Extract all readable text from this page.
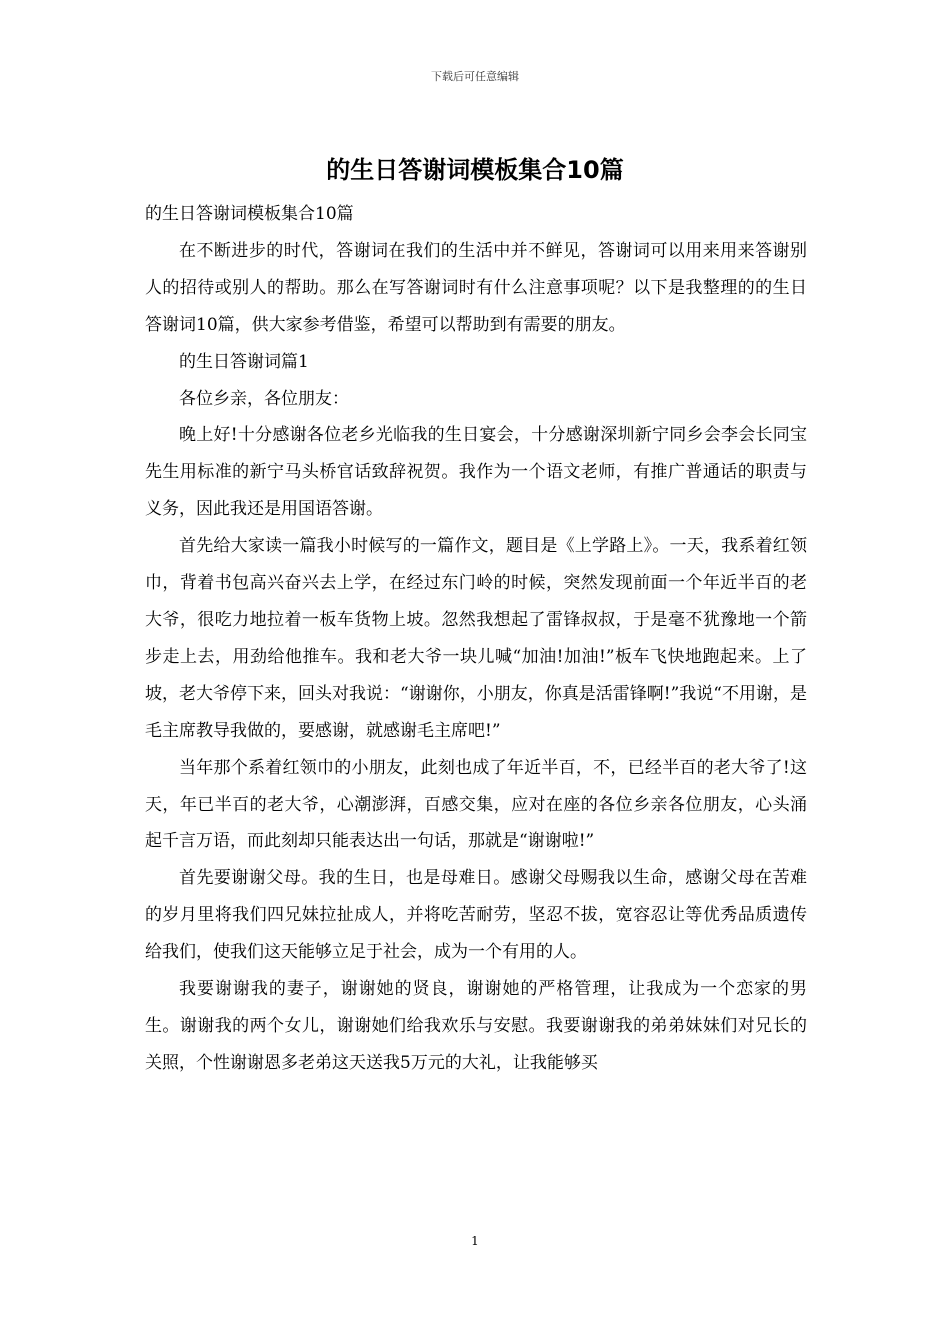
下载后可任意编辑
的生日答谢词模板集合10篇

的生日答谢词模板集合10篇

在不断进步的时代，答谢词在我们的生活中并不鲜见，答谢词可以用来用来答谢别人的招待或别人的帮助。那么在写答谢词时有什么注意事项呢？以下是我整理的的生日答谢词10篇，供大家参考借鉴，希望可以帮助到有需要的朋友。

的生日答谢词篇1

各位乡亲，各位朋友：

晚上好!十分感谢各位老乡光临我的生日宴会，十分感谢深圳新宁同乡会李会长同宝先生用标准的新宁马头桥官话致辞祝贺。我作为一个语文老师，有推广普通话的职责与义务，因此我还是用国语答谢。

首先给大家读一篇我小时候写的一篇作文，题目是《上学路上》。一天，我系着红领巾，背着书包高兴奋兴去上学，在经过东门岭的时候，突然发现前面一个年近半百的老大爷，很吃力地拉着一板车货物上坡。忽然我想起了雷锋叔叔，于是毫不犹豫地一个箭步走上去，用劲给他推车。我和老大爷一块儿喊“加油!加油!”板车飞快地跑起来。上了坡，老大爷停下来，回头对我说：“谢谢你，小朋友，你真是活雷锋啊!”我说“不用谢，是毛主席教导我做的，要感谢，就感谢毛主席吧!”

当年那个系着红领巾的小朋友，此刻也成了年近半百，不，已经半百的老大爷了!这天，年已半百的老大爷，心潮澎湃，百感交集，应对在座的各位乡亲各位朋友，心头涌起千言万语，而此刻却只能表达出一句话，那就是“谢谢啦!”

首先要谢谢父母。我的生日，也是母难日。感谢父母赐我以生命，感谢父母在苦难的岁月里将我们四兄妹拉扯成人，并将吃苦耐劳，坚忍不拔，宽容忍让等优秀品质遗传给我们，使我们这天能够立足于社会，成为一个有用的人。

我要谢谢我的妻子，谢谢她的贤良，谢谢她的严格管理，让我成为一个恋家的男生。谢谢我的两个女儿，谢谢她们给我欢乐与安慰。我要谢谢我的弟弟妹妹们对兄长的关照，个性谢谢恩多老弟这天送我5万元的大礼，让我能够买

1
